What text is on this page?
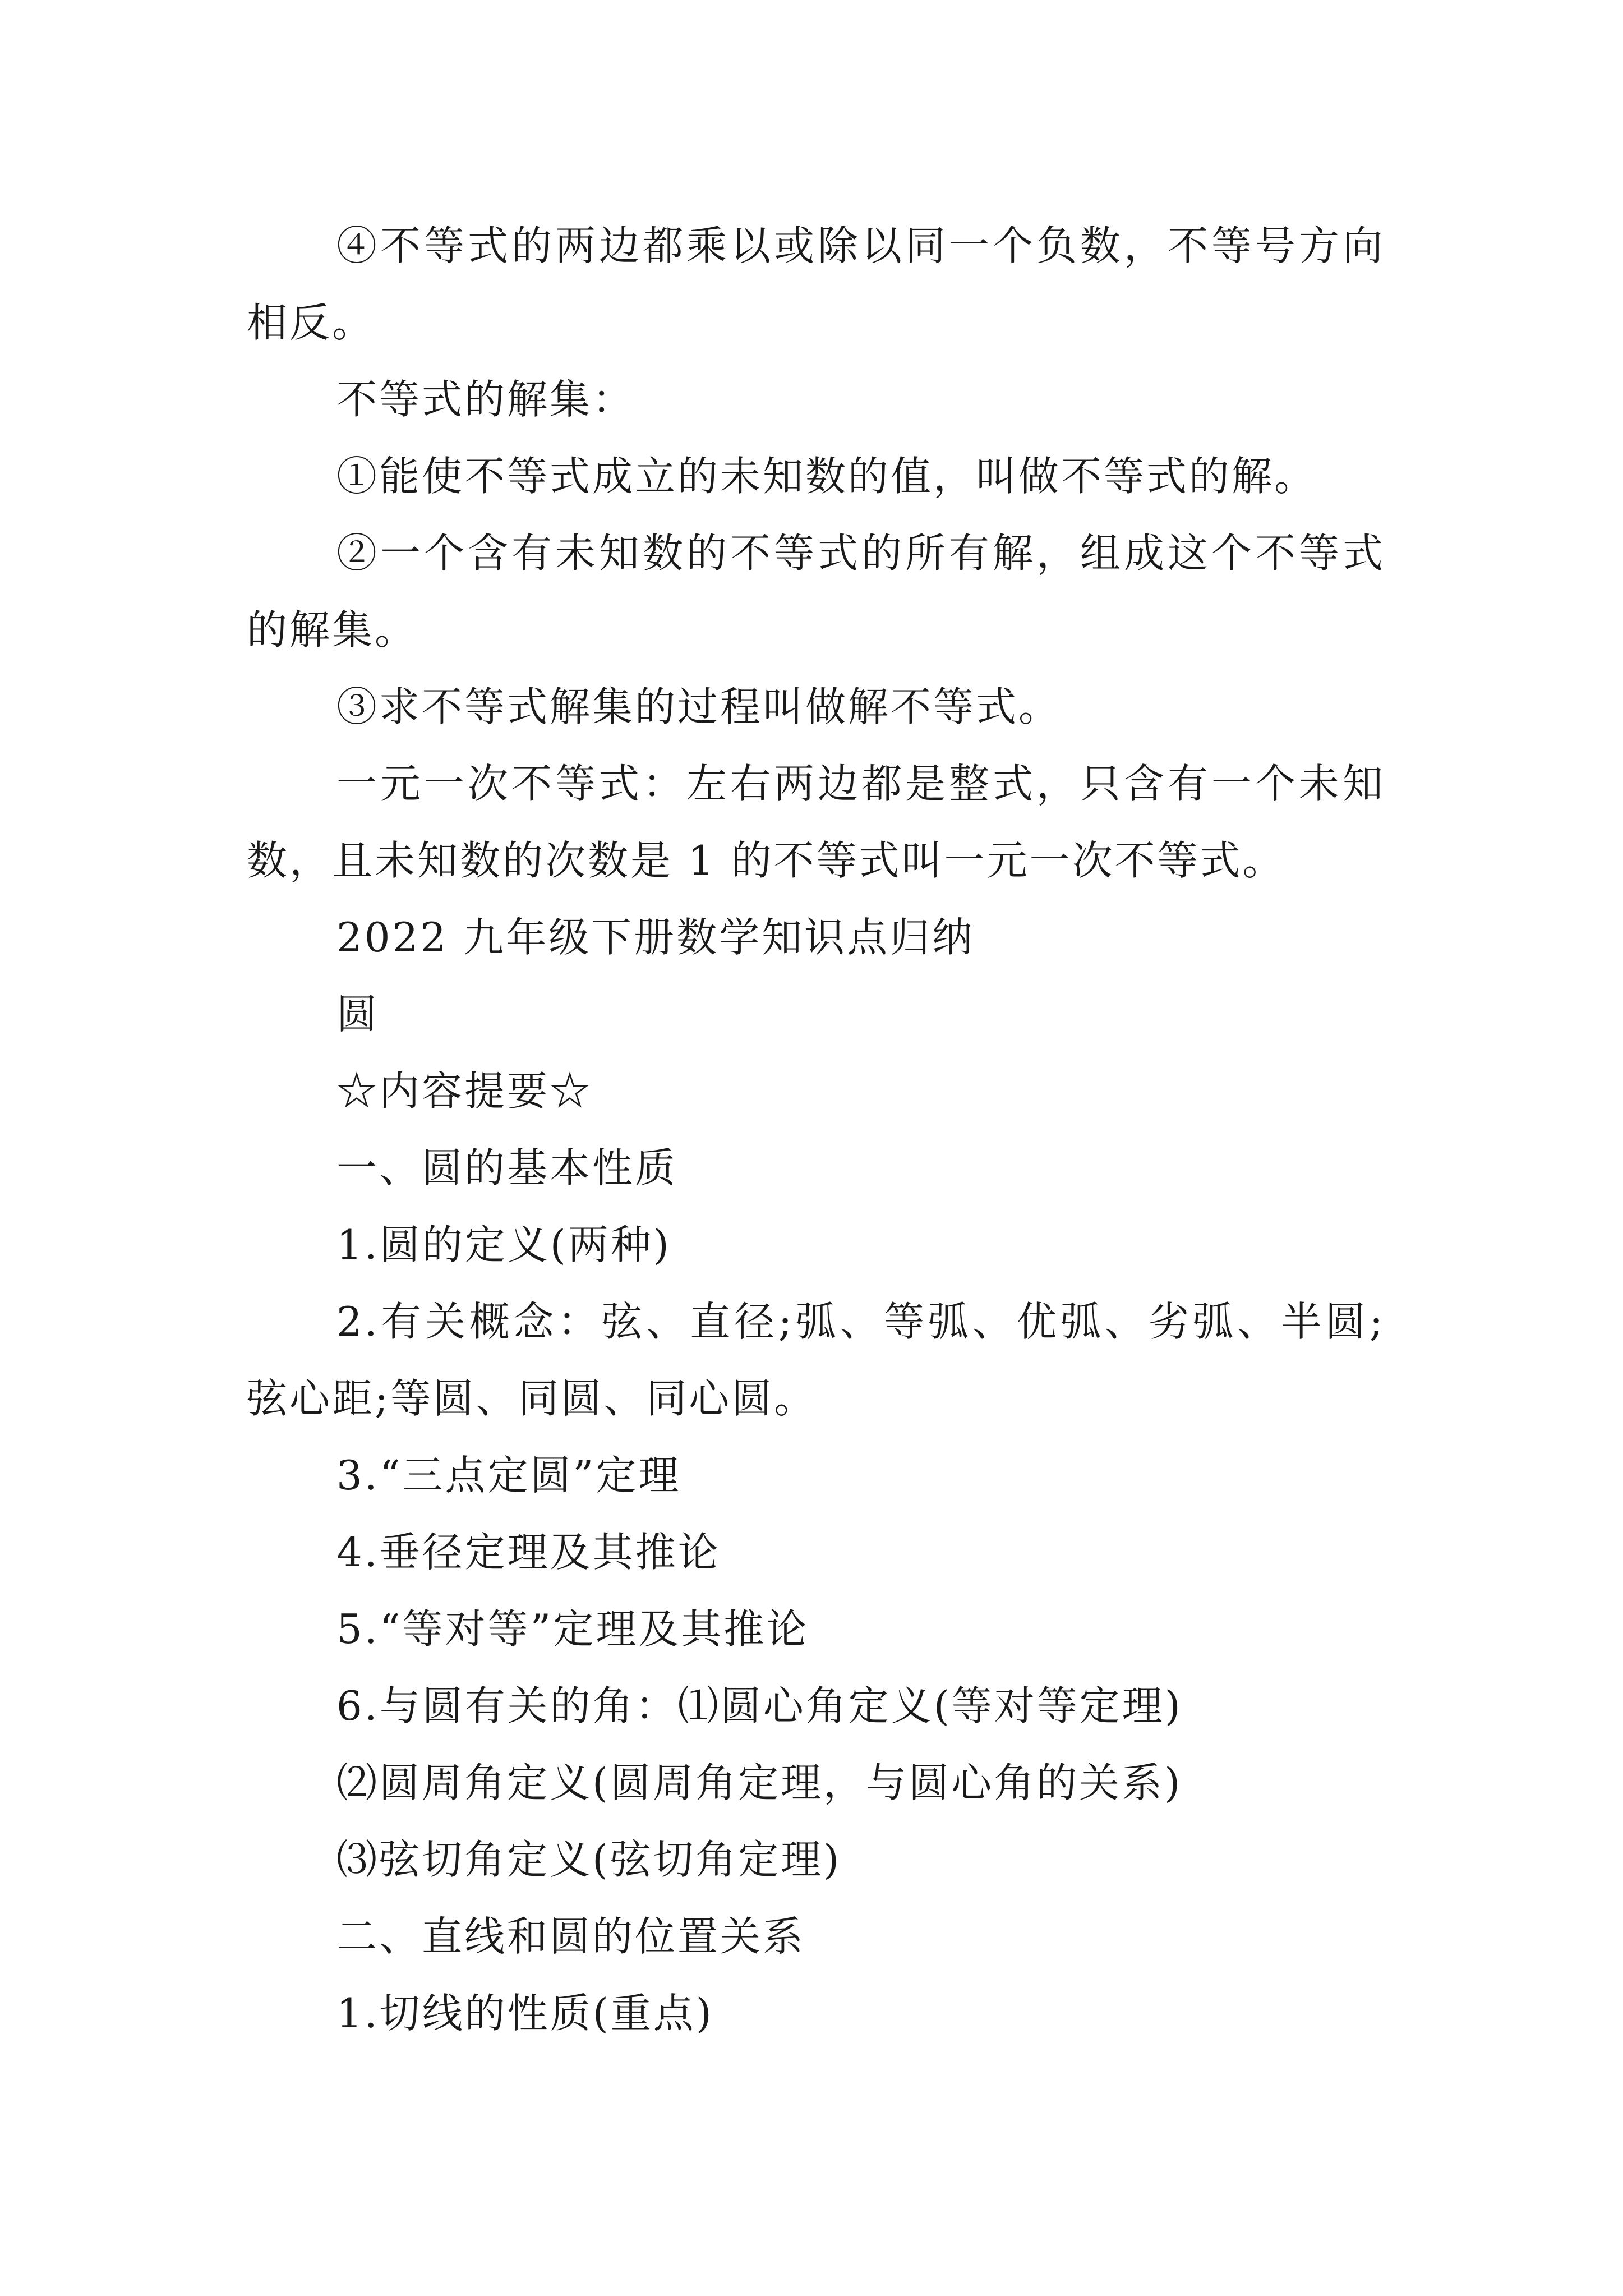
④不等式的两边都乘以或除以同一个负数，不等号方向相反。

不等式的解集：

①能使不等式成立的未知数的值，叫做不等式的解。

②一个含有未知数的不等式的所有解，组成这个不等式的解集。

③求不等式解集的过程叫做解不等式。

一元一次不等式：左右两边都是整式，只含有一个未知数，且未知数的次数是 1 的不等式叫一元一次不等式。

2022 九年级下册数学知识点归纳

圆

☆内容提要☆

一、圆的基本性质

1.圆的定义(两种)

2.有关概念：弦、直径;弧、等弧、优弧、劣弧、半圆;弦心距;等圆、同圆、同心圆。

3.“三点定圆”定理

4.垂径定理及其推论

5.“等对等”定理及其推论

6.与圆有关的角：⑴圆心角定义(等对等定理)

⑵圆周角定义(圆周角定理，与圆心角的关系)

⑶弦切角定义(弦切角定理)

二、直线和圆的位置关系

1.切线的性质(重点)
